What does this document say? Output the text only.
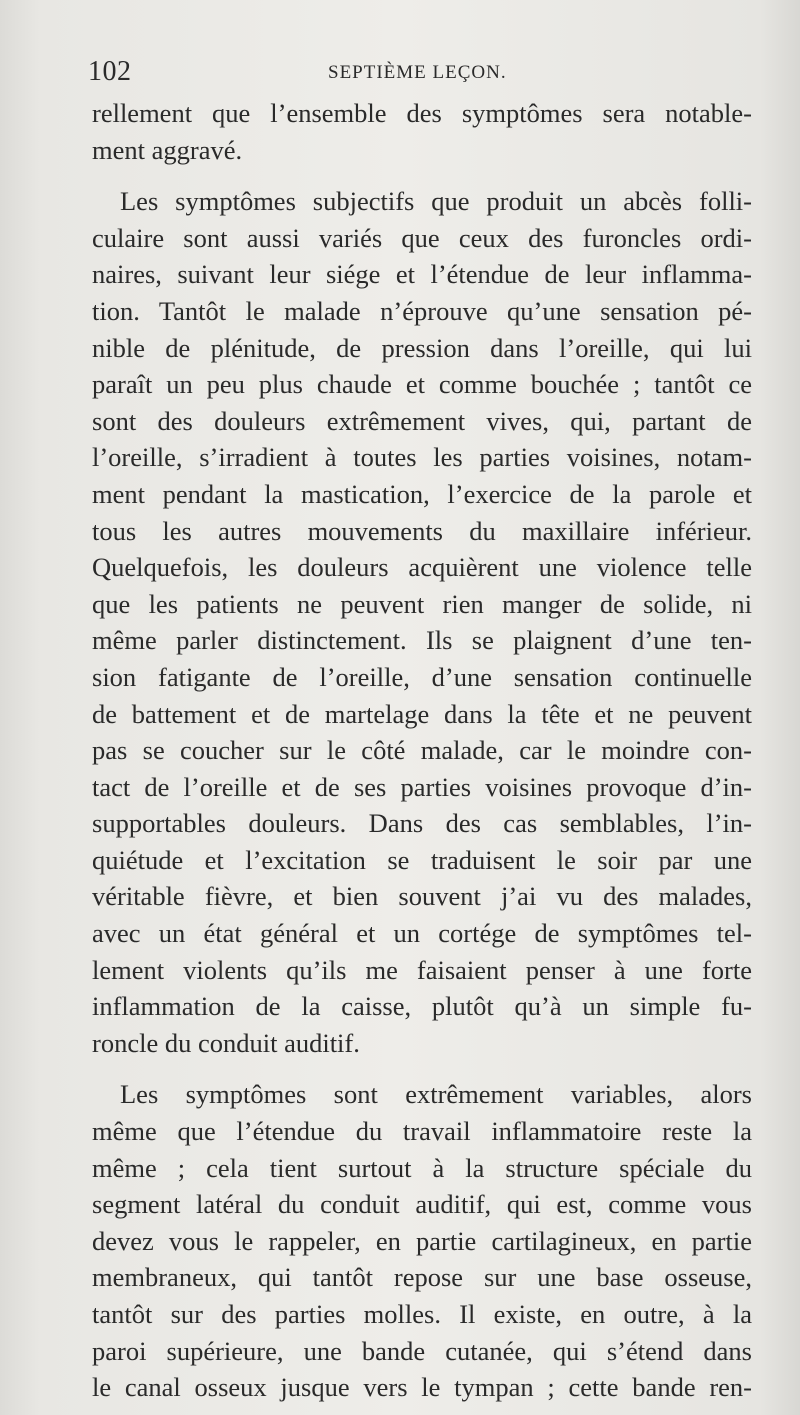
102	SEPTIÈME LEÇON.
rellement que l’ensemble des symptômes sera notable-
ment aggravé.
Les symptômes subjectifs que produit un abcès folli-
culaire sont aussi variés que ceux des furoncles ordi-
naires, suivant leur siége et l’étendue de leur inflamma-
tion. Tantôt le malade n’éprouve qu’une sensation pé-
nible de plénitude, de pression dans l’oreille, qui lui
paraît un peu plus chaude et comme bouchée ; tantôt ce
sont des douleurs extrêmement vives, qui, partant de
l’oreille, s’irradient à toutes les parties voisines, notam-
ment pendant la mastication, l’exercice de la parole et
tous les autres mouvements du maxillaire inférieur.
Quelquefois, les douleurs acquièrent une violence telle
que les patients ne peuvent rien manger de solide, ni
même parler distinctement. Ils se plaignent d’une ten-
sion fatigante de l’oreille, d’une sensation continuelle
de battement et de martelage dans la tête et ne peuvent
pas se coucher sur le côté malade, car le moindre con-
tact de l’oreille et de ses parties voisines provoque d’in-
supportables douleurs. Dans des cas semblables, l’in-
quiétude et l’excitation se traduisent le soir par une
véritable fièvre, et bien souvent j’ai vu des malades,
avec un état général et un cortége de symptômes tel-
lement violents qu’ils me faisaient penser à une forte
inflammation de la caisse, plutôt qu’à un simple fu-
roncle du conduit auditif.
Les symptômes sont extrêmement variables, alors
même que l’étendue du travail inflammatoire reste la
même ; cela tient surtout à la structure spéciale du
segment latéral du conduit auditif, qui est, comme vous
devez vous le rappeler, en partie cartilagineux, en partie
membraneux, qui tantôt repose sur une base osseuse,
tantôt sur des parties molles. Il existe, en outre, à la
paroi supérieure, une bande cutanée, qui s’étend dans
le canal osseux jusque vers le tympan ; cette bande ren-
